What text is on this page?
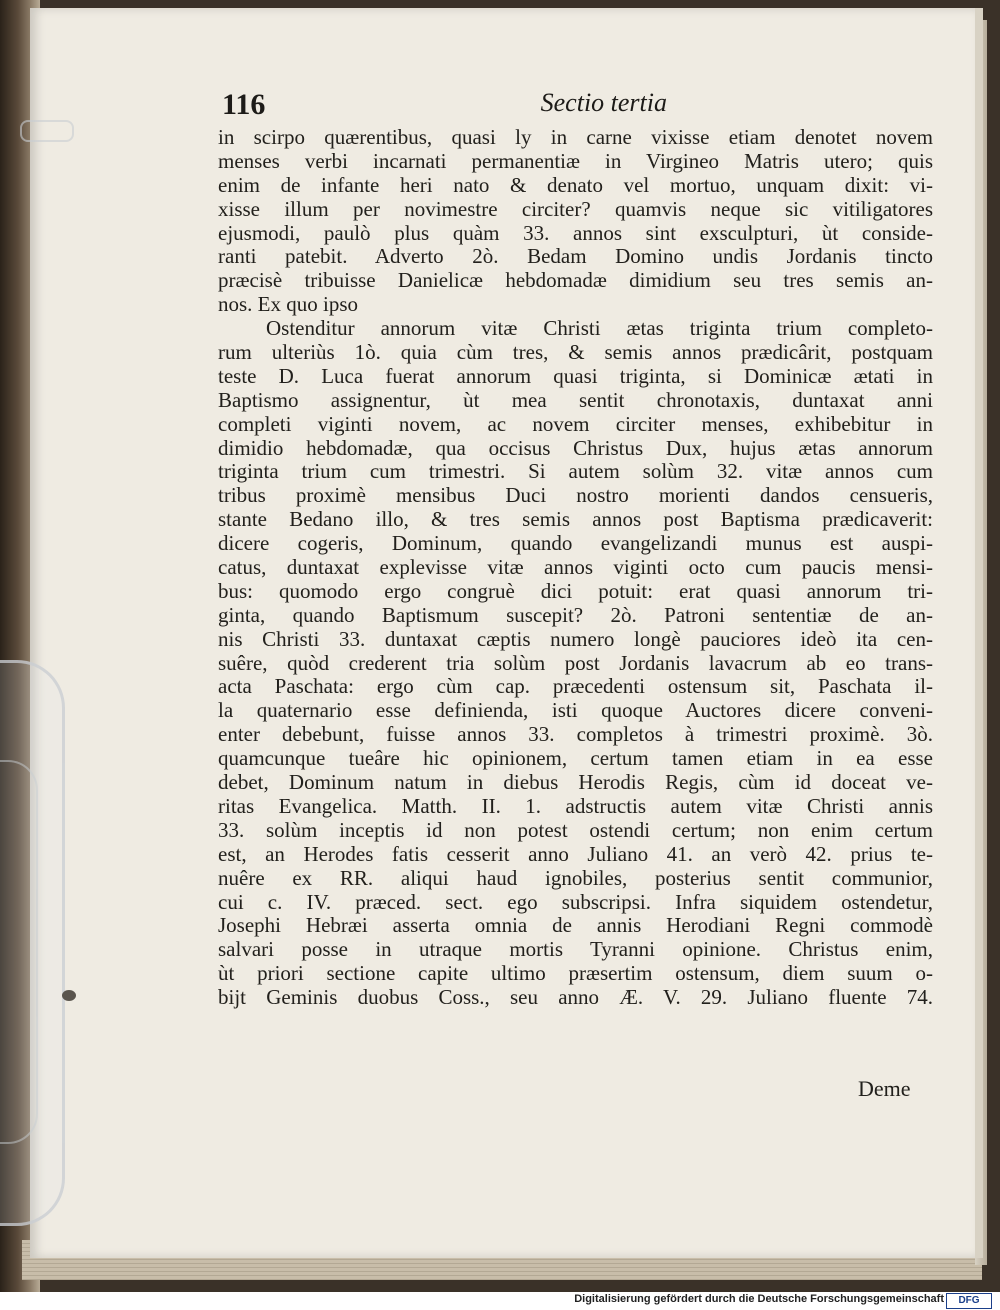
116	Sectio tertia
in scirpo quærentibus, quasi ly in carne vixisse etiam denotet novem
menses verbi incarnati permanentiæ in Virgineo Matris utero; quis
enim de infante heri nato & denato vel mortuo, unquam dixit: vi-
xisse illum per novimestre circiter? quamvis neque sic vitiligatores
ejusmodi, paulò plus quàm 33. annos sint exsculpturi, ùt conside-
ranti patebit. Adverto 2ò. Bedam Domino undis Jordanis tincto
præcisè tribuisse Danielicæ hebdomadæ dimidium seu tres semis an-
nos. Ex quo ipso
Ostenditur annorum vitæ Christi ætas triginta trium completo-
rum ulteriùs 1ò. quia cùm tres, & semis annos prædicârit, postquam
teste D. Luca fuerat annorum quasi triginta, si Dominicæ ætati in
Baptismo assignentur, ùt mea sentit chronotaxis, duntaxat anni
completi viginti novem, ac novem circiter menses, exhibebitur in
dimidio hebdomadæ, qua occisus Christus Dux, hujus ætas annorum
triginta trium cum trimestri. Si autem solùm 32. vitæ annos cum
tribus proximè mensibus Duci nostro morienti dandos censueris,
stante Bedano illo, & tres semis annos post Baptisma prædicaverit:
dicere cogeris, Dominum, quando evangelizandi munus est auspi-
catus, duntaxat explevisse vitæ annos viginti octo cum paucis mensi-
bus: quomodo ergo congruè dici potuit: erat quasi annorum tri-
ginta, quando Baptismum suscepit? 2ò. Patroni sententiæ de an-
nis Christi 33. duntaxat cæptis numero longè pauciores ideò ita cen-
suêre, quòd crederent tria solùm post Jordanis lavacrum ab eo trans-
acta Paschata: ergo cùm cap. præcedenti ostensum sit, Paschata il-
la quaternario esse definienda, isti quoque Auctores dicere conveni-
enter debebunt, fuisse annos 33. completos à trimestri proximè. 3ò.
quamcunque tueâre hic opinionem, certum tamen etiam in ea esse
debet, Dominum natum in diebus Herodis Regis, cùm id doceat ve-
ritas Evangelica. Matth. II. 1. adstructis autem vitæ Christi annis
33. solùm inceptis id non potest ostendi certum; non enim certum
est, an Herodes fatis cesserit anno Juliano 41. an verò 42. prius te-
nuêre ex RR. aliqui haud ignobiles, posterius sentit communior,
cui c. IV. præced. sect. ego subscripsi. Infra siquidem ostendetur,
Josephi Hebræi asserta omnia de annis Herodiani Regni commodè
salvari posse in utraque mortis Tyranni opinione. Christus enim,
ùt priori sectione capite ultimo præsertim ostensum, diem suum o-
bijt Geminis duobus Coss., seu anno Æ. V. 29. Juliano fluente 74.
Deme
Digitalisierung gefördert durch die Deutsche Forschungsgemeinschaft	DFG
